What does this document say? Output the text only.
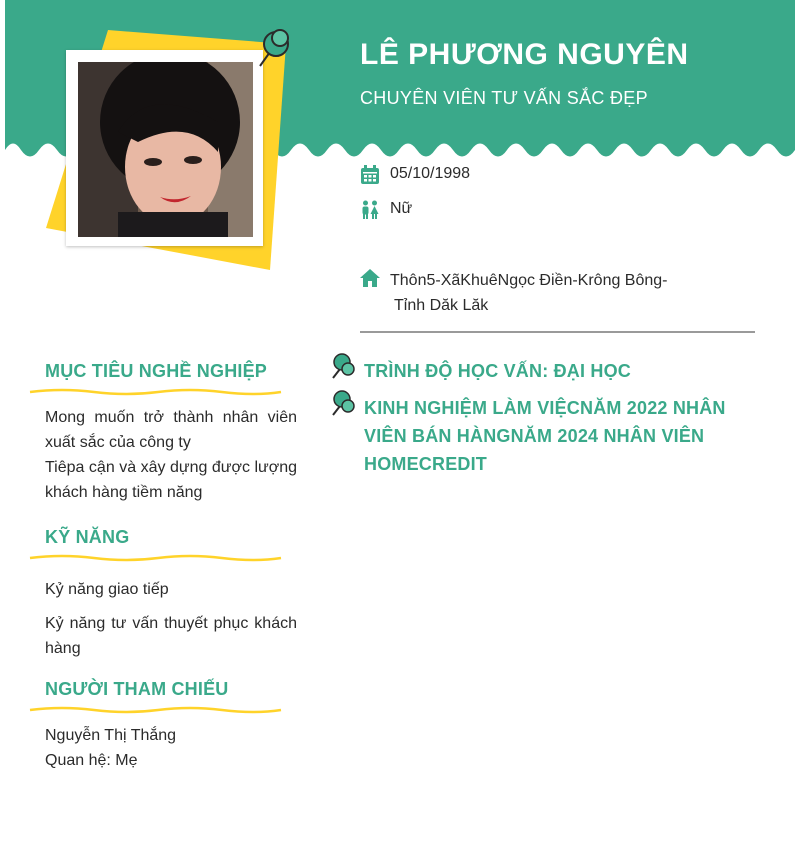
LÊ PHƯƠNG NGUYÊN
CHUYÊN VIÊN TƯ VẤN SẮC ĐẸP
05/10/1998
Nữ
Thôn5-XãKhuêNgọc Điền-Krông Bông-
Tỉnh Dăk Lăk
MỤC TIÊU NGHỀ NGHIỆP

Mong muốn trở thành nhân viên xuất sắc của công ty

Tiêpa cận và xây dựng được lượng khách hàng tiềm năng

KỸ NĂNG

Kỷ năng giao tiếp

Kỷ năng tư vấn thuyết phục khách hàng

NGƯỜI THAM CHIẾU

Nguyễn Thị Thắng

Quan hệ: Mẹ

TRÌNH ĐỘ HỌC VẤN: ĐẠI HỌC
KINH NGHIỆM LÀM VIỆCNĂM 2022 NHÂN VIÊN BÁN HÀNGNĂM 2024 NHÂN VIÊN HOMECREDIT
